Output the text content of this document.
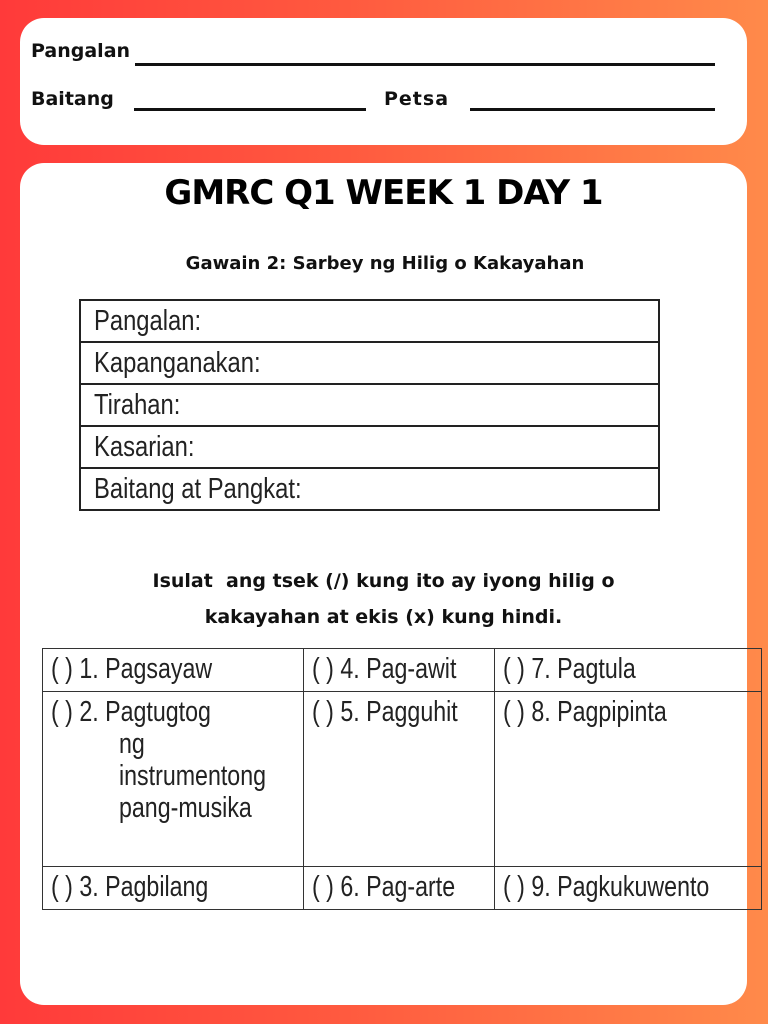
Pangalan
Baitang	Petsa
GMRC Q1 WEEK 1 DAY 1
Gawain 2: Sarbey ng Hilig o Kakayahan
Pangalan:
Kapanganakan:
Tirahan:
Kasarian:
Baitang at Pangkat:
Isulat  ang tsek (/) kung ito ay iyong hilig o
kakayahan at ekis (x) kung hindi.
( ) 1. Pagsayaw	( ) 4. Pag-awit	( ) 7. Pagtula
( ) 2. Pagtugtog
ng
instrumentong
pang-musika	( ) 5. Pagguhit	( ) 8. Pagpipinta
( ) 3. Pagbilang	( ) 6. Pag-arte	( ) 9. Pagkukuwento
